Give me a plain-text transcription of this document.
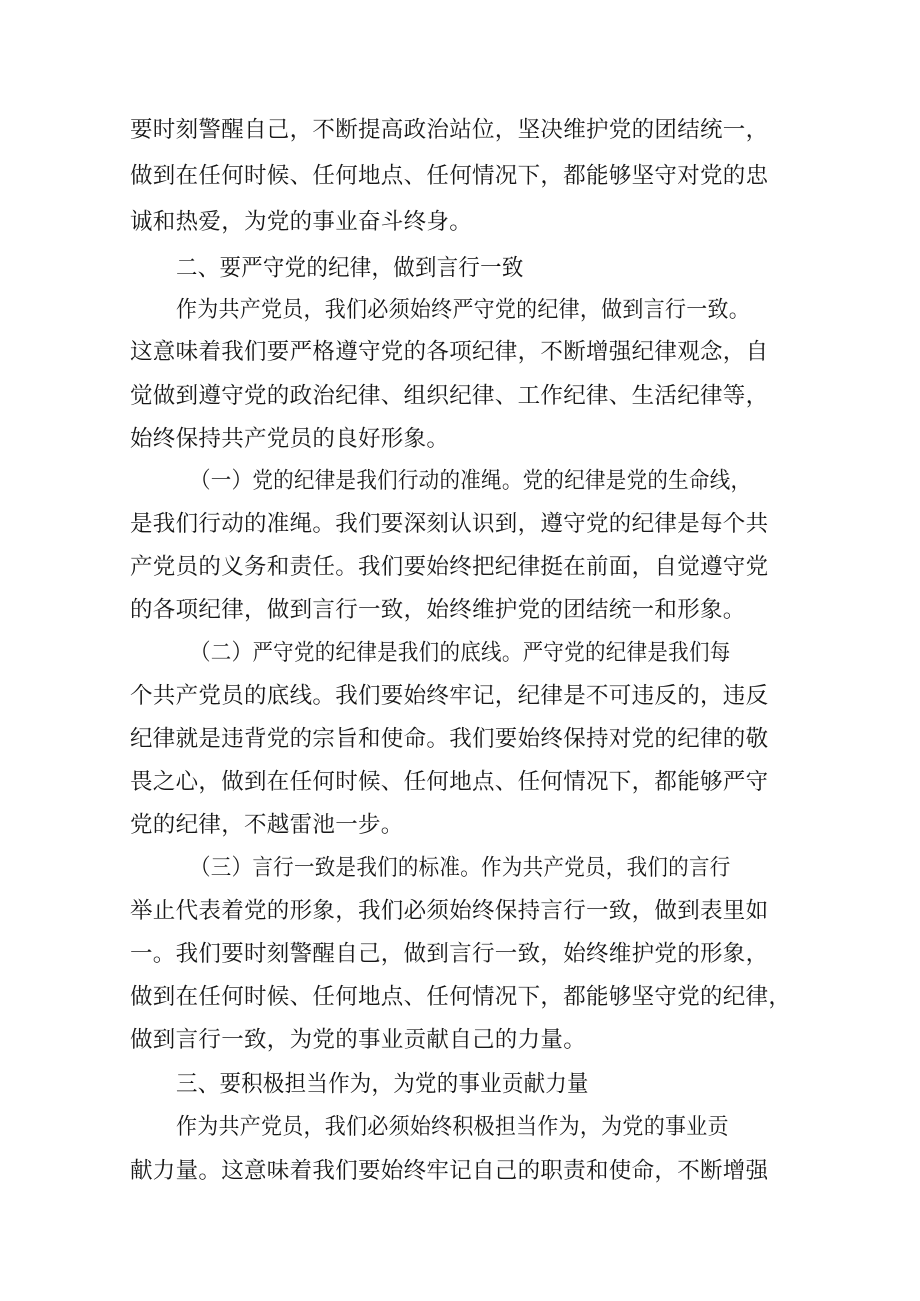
要时刻警醒自己，不断提高政治站位，坚决维护党的团结统一，
做到在任何时候、任何地点、任何情况下，都能够坚守对党的忠
诚和热爱，为党的事业奋斗终身。
二、要严守党的纪律，做到言行一致
作为共产党员，我们必须始终严守党的纪律，做到言行一致。
这意味着我们要严格遵守党的各项纪律，不断增强纪律观念，自
觉做到遵守党的政治纪律、组织纪律、工作纪律、生活纪律等，
始终保持共产党员的良好形象。
（一）党的纪律是我们行动的准绳。党的纪律是党的生命线，
是我们行动的准绳。我们要深刻认识到，遵守党的纪律是每个共
产党员的义务和责任。我们要始终把纪律挺在前面，自觉遵守党
的各项纪律，做到言行一致，始终维护党的团结统一和形象。
（二）严守党的纪律是我们的底线。严守党的纪律是我们每
个共产党员的底线。我们要始终牢记，纪律是不可违反的，违反
纪律就是违背党的宗旨和使命。我们要始终保持对党的纪律的敬
畏之心，做到在任何时候、任何地点、任何情况下，都能够严守
党的纪律，不越雷池一步。
（三）言行一致是我们的标准。作为共产党员，我们的言行
举止代表着党的形象，我们必须始终保持言行一致，做到表里如
一。我们要时刻警醒自己，做到言行一致，始终维护党的形象，
做到在任何时候、任何地点、任何情况下，都能够坚守党的纪律，
做到言行一致，为党的事业贡献自己的力量。
三、要积极担当作为，为党的事业贡献力量
作为共产党员，我们必须始终积极担当作为，为党的事业贡
献力量。这意味着我们要始终牢记自己的职责和使命，不断增强
